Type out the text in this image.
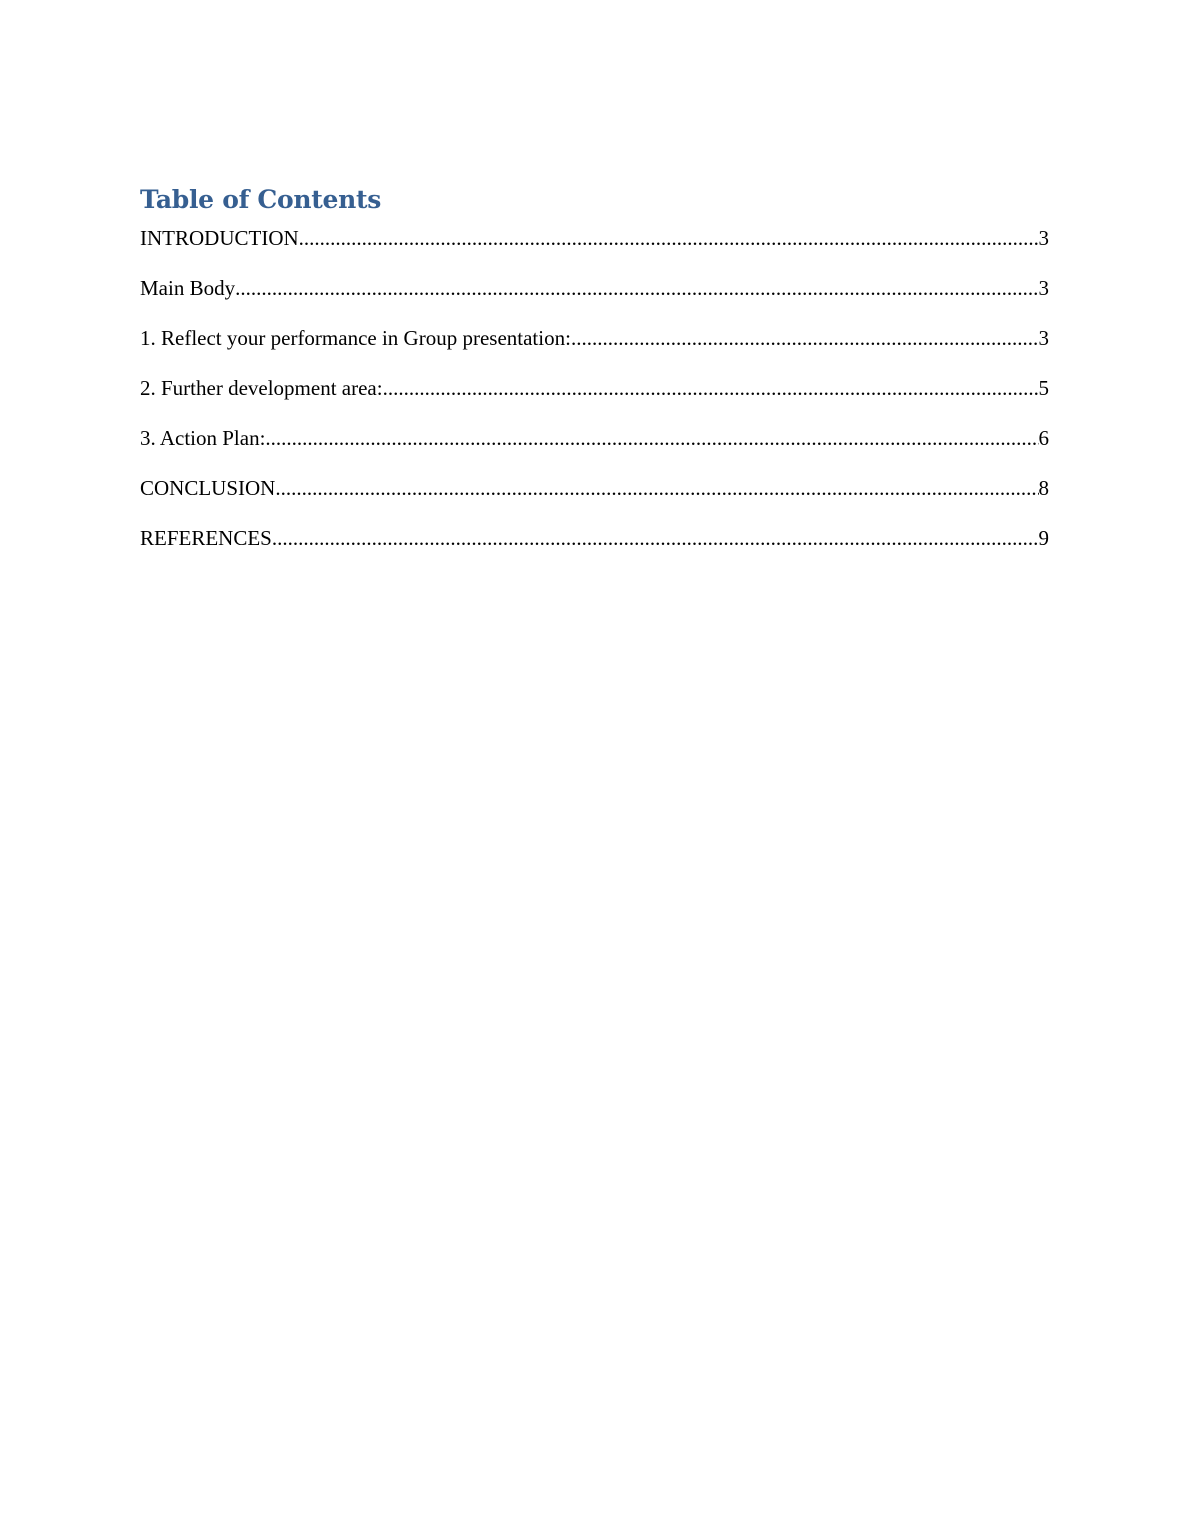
Table of Contents
INTRODUCTION .....	3
Main Body .....	3
1. Reflect your performance in Group presentation: .....	3
2. Further development area: .....	5
3. Action Plan: .....	6
CONCLUSION .....	8
REFERENCES .....	9
